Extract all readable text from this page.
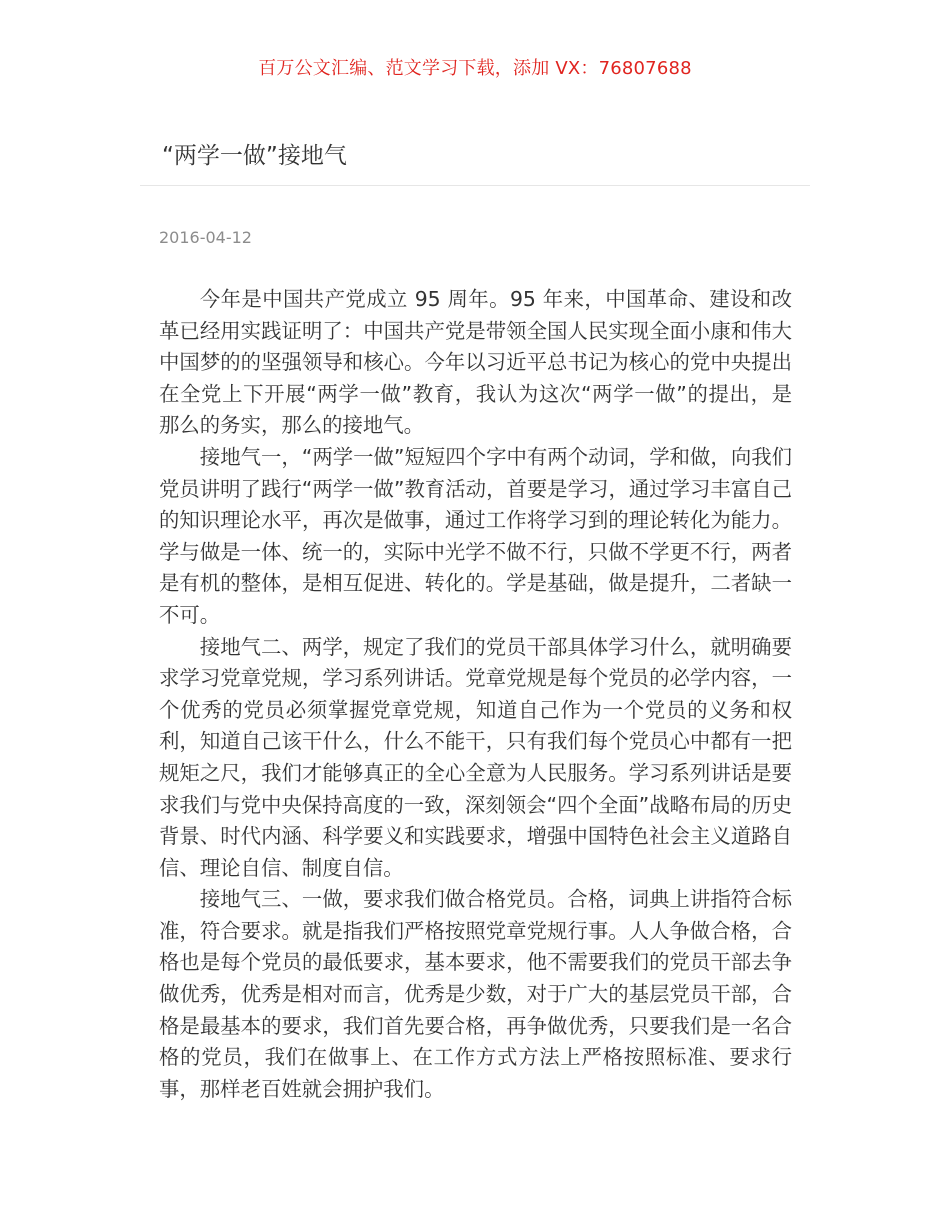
百万公文汇编、范文学习下载，添加 VX：76807688
“两学一做”接地气
2016-04-12

今年是中国共产党成立 95 周年。95 年来，中国革命、建设和改革已经用实践证明了：中国共产党是带领全国人民实现全面小康和伟大中国梦的的坚强领导和核心。今年以习近平总书记为核心的党中央提出在全党上下开展“两学一做”教育，我认为这次“两学一做”的提出，是那么的务实，那么的接地气。

接地气一，“两学一做”短短四个字中有两个动词，学和做，向我们党员讲明了践行“两学一做”教育活动，首要是学习，通过学习丰富自己的知识理论水平，再次是做事，通过工作将学习到的理论转化为能力。学与做是一体、统一的，实际中光学不做不行，只做不学更不行，两者是有机的整体，是相互促进、转化的。学是基础，做是提升，二者缺一不可。

接地气二、两学，规定了我们的党员干部具体学习什么，就明确要求学习党章党规，学习系列讲话。党章党规是每个党员的必学内容，一个优秀的党员必须掌握党章党规，知道自己作为一个党员的义务和权利，知道自己该干什么，什么不能干，只有我们每个党员心中都有一把规矩之尺，我们才能够真正的全心全意为人民服务。学习系列讲话是要求我们与党中央保持高度的一致，深刻领会“四个全面”战略布局的历史背景、时代内涵、科学要义和实践要求，增强中国特色社会主义道路自信、理论自信、制度自信。

接地气三、一做，要求我们做合格党员。合格，词典上讲指符合标准，符合要求。就是指我们严格按照党章党规行事。人人争做合格，合格也是每个党员的最低要求，基本要求，他不需要我们的党员干部去争做优秀，优秀是相对而言，优秀是少数，对于广大的基层党员干部，合格是最基本的要求，我们首先要合格，再争做优秀，只要我们是一名合格的党员，我们在做事上、在工作方式方法上严格按照标准、要求行事，那样老百姓就会拥护我们。
